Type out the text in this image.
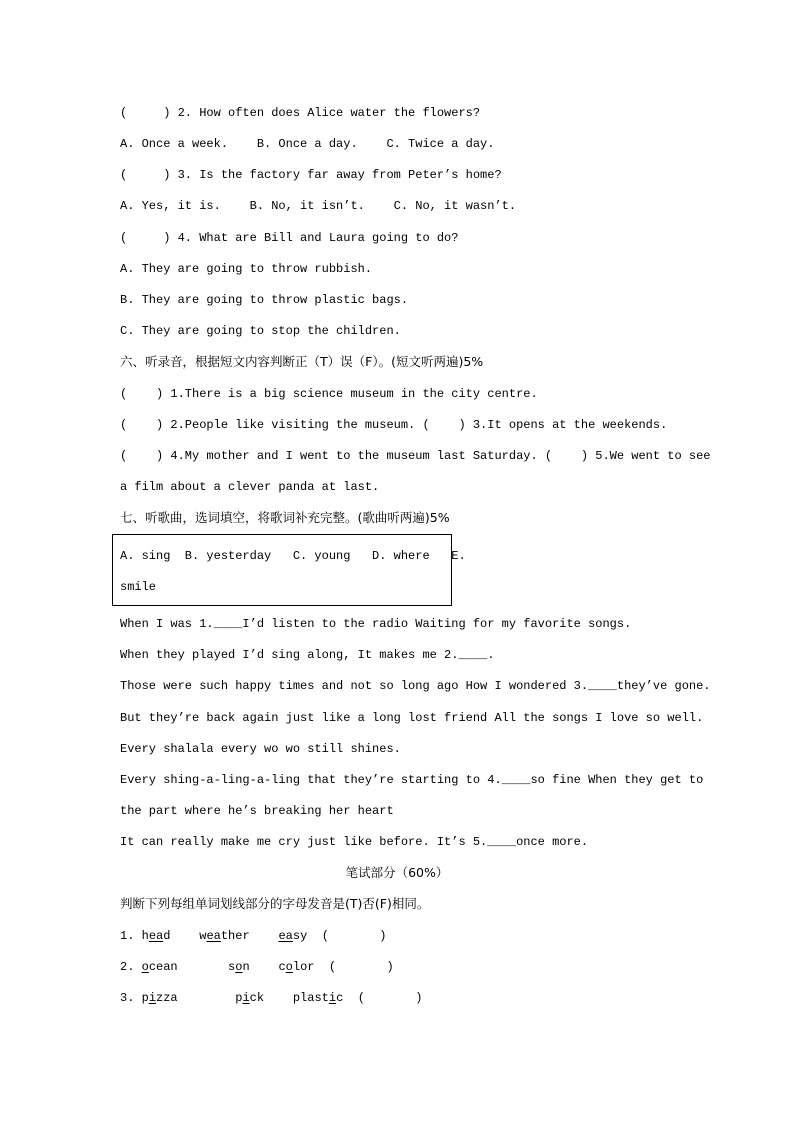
(     ) 2. How often does Alice water the flowers?
A. Once a week.    B. Once a day.    C. Twice a day.
(     ) 3. Is the factory far away from Peter’s home?
A. Yes, it is.    B. No, it isn’t.    C. No, it wasn’t.
(     ) 4. What are Bill and Laura going to do?
A. They are going to throw rubbish.
B. They are going to throw plastic bags.
C. They are going to stop the children.
六、听录音，根据短文内容判断正（T）误（F）。(短文听两遍)5%
(    ) 1.There is a big science museum in the city centre.
(    ) 2.People like visiting the museum. (    ) 3.It opens at the weekends.
(    ) 4.My mother and I went to the museum last Saturday. (    ) 5.We went to see
a film about a clever panda at last.
七、听歌曲，选词填空，将歌词补充完整。(歌曲听两遍)5%
A. sing  B. yesterday   C. young   D. where   E.
smile
When I was 1.____I’d listen to the radio Waiting for my favorite songs.
When they played I’d sing along, It makes me 2.____.
Those were such happy times and not so long ago How I wondered 3.____they’ve gone.
But they’re back again just like a long lost friend All the songs I love so well.
Every shalala every wo wo still shines.
Every shing-a-ling-a-ling that they’re starting to 4.____so fine When they get to
the part where he’s breaking her heart
It can really make me cry just like before. It’s 5.____once more.
笔试部分（60%）
判断下列每组单词划线部分的字母发音是(T)否(F)相同。
1. head weather easy (       )
2. ocean	son color (       )
3. pizza	pick plastic (       )
